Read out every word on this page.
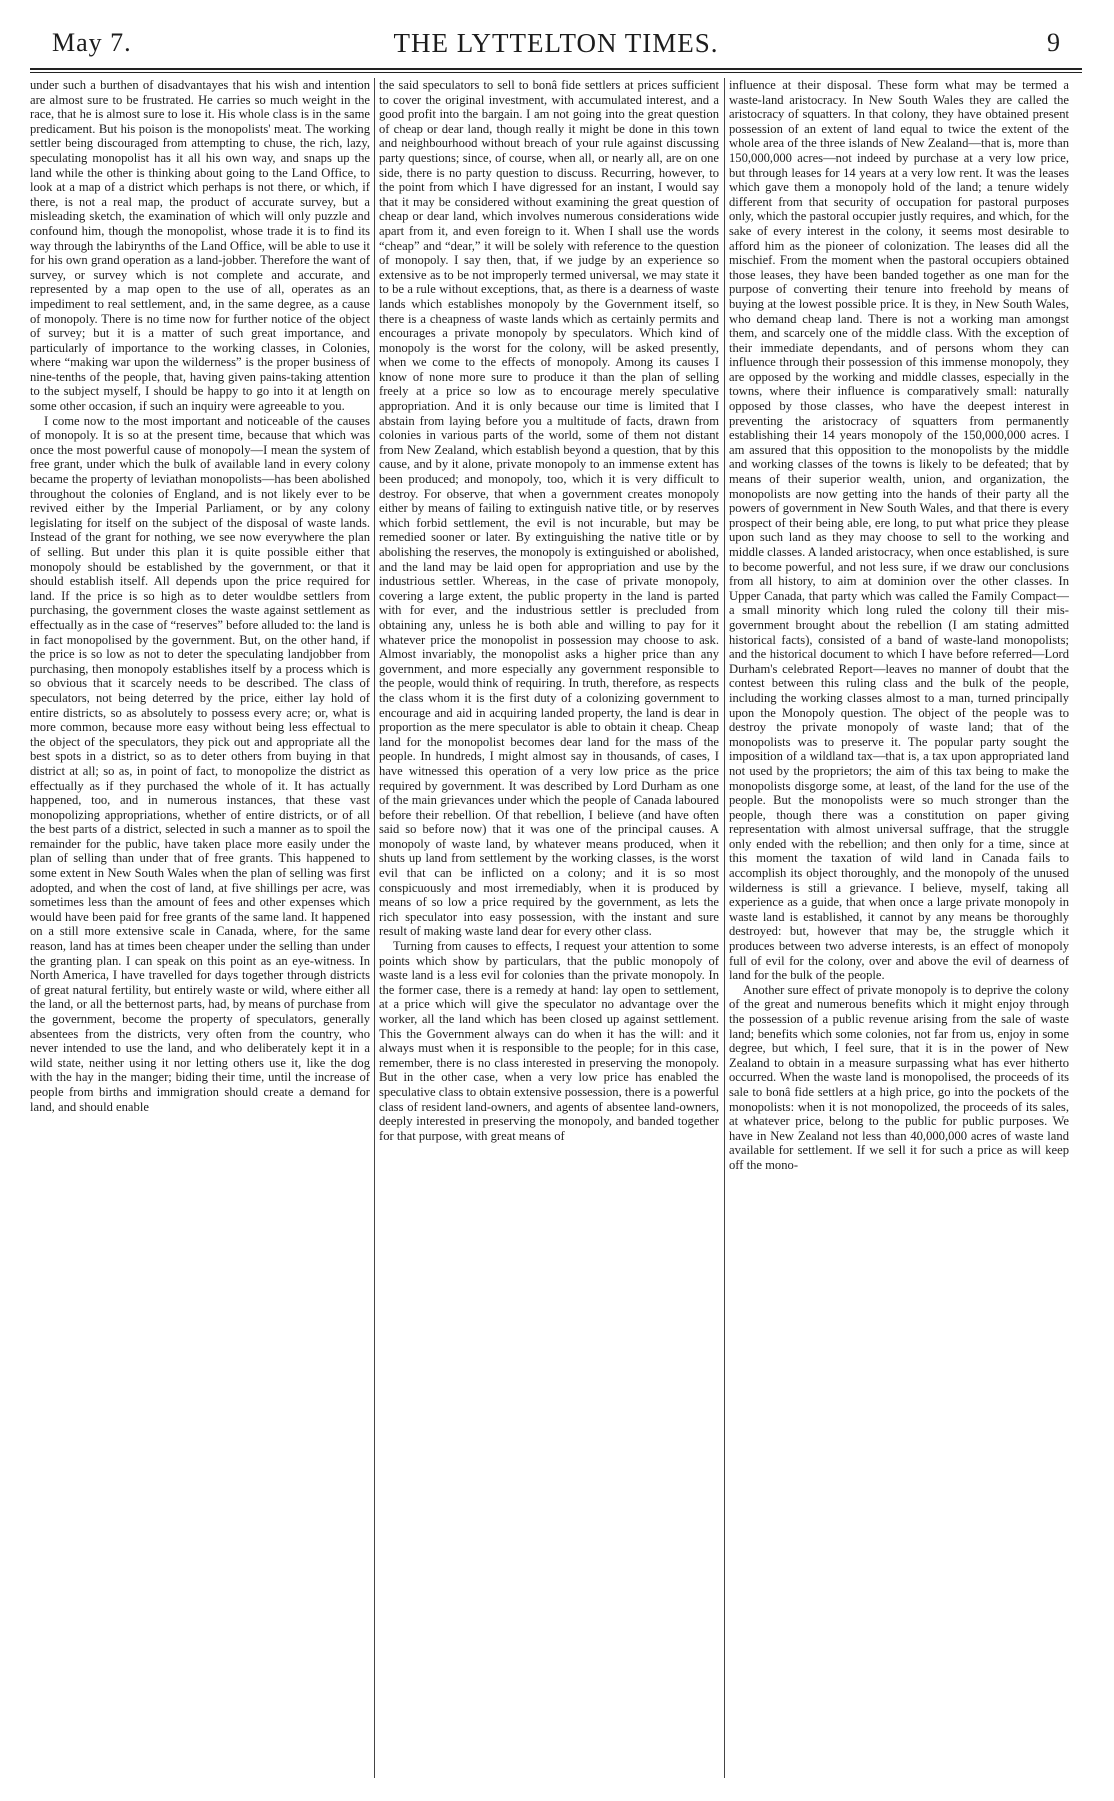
May 7.	THE LYTTELTON TIMES.	9

under such a burthen of disadvantayes that his wish and intention are almost sure to be frustrated. He carries so much weight in the race, that he is almost sure to lose it. His whole class is in the same predicament. But his poison is the monopolists' meat. The working settler being discouraged from attempting to chuse, the rich, lazy, speculating monopolist has it all his own way, and snaps up the land while the other is thinking about going to the Land Office, to look at a map of a district which perhaps is not there, or which, if there, is not a real map, the product of accurate survey, but a misleading sketch, the examination of which will only puzzle and confound him, though the monopolist, whose trade it is to find its way through the labirynths of the Land Office, will be able to use it for his own grand operation as a land-jobber. Therefore the want of survey, or survey which is not complete and accurate, and represented by a map open to the use of all, operates as an impediment to real settlement, and, in the same degree, as a cause of monopoly. There is no time now for further notice of the object of survey; but it is a matter of such great importance, and particularly of importance to the working classes, in Colonies, where “making war upon the wilderness” is the proper business of nine-tenths of the people, that, having given pains-taking attention to the subject myself, I should be happy to go into it at length on some other occasion, if such an inquiry were agreeable to you.

I come now to the most important and noticeable of the causes of monopoly. It is so at the present time, because that which was once the most powerful cause of monopoly—I mean the system of free grant, under which the bulk of available land in every colony became the property of leviathan monopolists—has been abolished throughout the colonies of England, and is not likely ever to be revived either by the Imperial Parliament, or by any colony legislating for itself on the subject of the disposal of waste lands. Instead of the grant for nothing, we see now everywhere the plan of selling. But under this plan it is quite possible either that monopoly should be established by the government, or that it should establish itself. All depends upon the price required for land. If the price is so high as to deter wouldbe settlers from purchasing, the government closes the waste against settlement as effectually as in the case of “reserves” before alluded to: the land is in fact monopolised by the government. But, on the other hand, if the price is so low as not to deter the speculating landjobber from purchasing, then monopoly establishes itself by a process which is so obvious that it scarcely needs to be described. The class of speculators, not being deterred by the price, either lay hold of entire districts, so as absolutely to possess every acre; or, what is more common, because more easy without being less effectual to the object of the speculators, they pick out and appropriate all the best spots in a district, so as to deter others from buying in that district at all; so as, in point of fact, to monopolize the district as effectually as if they purchased the whole of it. It has actually happened, too, and in numerous instances, that these vast monopolizing appropriations, whether of entire districts, or of all the best parts of a district, selected in such a manner as to spoil the remainder for the public, have taken place more easily under the plan of selling than under that of free grants. This happened to some extent in New South Wales when the plan of selling was first adopted, and when the cost of land, at five shillings per acre, was sometimes less than the amount of fees and other expenses which would have been paid for free grants of the same land. It happened on a still more extensive scale in Canada, where, for the same reason, land has at times been cheaper under the selling than under the granting plan. I can speak on this point as an eye-witness. In North America, I have travelled for days together through districts of great natural fertility, but entirely waste or wild, where either all the land, or all the betternost parts, had, by means of purchase from the government, become the property of speculators, generally absentees from the districts, very often from the country, who never intended to use the land, and who deliberately kept it in a wild state, neither using it nor letting others use it, like the dog with the hay in the manger; biding their time, until the increase of people from births and immigration should create a demand for land, and should enable

the said speculators to sell to bonâ fide settlers at prices sufficient to cover the original investment, with accumulated interest, and a good profit into the bargain. I am not going into the great question of cheap or dear land, though really it might be done in this town and neighbourhood without breach of your rule against discussing party questions; since, of course, when all, or nearly all, are on one side, there is no party question to discuss. Recurring, however, to the point from which I have digressed for an instant, I would say that it may be considered without examining the great question of cheap or dear land, which involves numerous considerations wide apart from it, and even foreign to it. When I shall use the words “cheap” and “dear,” it will be solely with reference to the question of monopoly. I say then, that, if we judge by an experience so extensive as to be not improperly termed universal, we may state it to be a rule without exceptions, that, as there is a dearness of waste lands which establishes monopoly by the Government itself, so there is a cheapness of waste lands which as certainly permits and encourages a private monopoly by speculators. Which kind of monopoly is the worst for the colony, will be asked presently, when we come to the effects of monopoly. Among its causes I know of none more sure to produce it than the plan of selling freely at a price so low as to encourage merely speculative appropriation. And it is only because our time is limited that I abstain from laying before you a multitude of facts, drawn from colonies in various parts of the world, some of them not distant from New Zealand, which establish beyond a question, that by this cause, and by it alone, private monopoly to an immense extent has been produced; and monopoly, too, which it is very difficult to destroy. For observe, that when a government creates monopoly either by means of failing to extinguish native title, or by reserves which forbid settlement, the evil is not incurable, but may be remedied sooner or later. By extinguishing the native title or by abolishing the reserves, the monopoly is extinguished or abolished, and the land may be laid open for appropriation and use by the industrious settler. Whereas, in the case of private monopoly, covering a large extent, the public property in the land is parted with for ever, and the industrious settler is precluded from obtaining any, unless he is both able and willing to pay for it whatever price the monopolist in possession may choose to ask. Almost invariably, the monopolist asks a higher price than any government, and more especially any government responsible to the people, would think of requiring. In truth, therefore, as respects the class whom it is the first duty of a colonizing government to encourage and aid in acquiring landed property, the land is dear in proportion as the mere speculator is able to obtain it cheap. Cheap land for the monopolist becomes dear land for the mass of the people. In hundreds, I might almost say in thousands, of cases, I have witnessed this operation of a very low price as the price required by government. It was described by Lord Durham as one of the main grievances under which the people of Canada laboured before their rebellion. Of that rebellion, I believe (and have often said so before now) that it was one of the principal causes. A monopoly of waste land, by whatever means produced, when it shuts up land from settlement by the working classes, is the worst evil that can be inflicted on a colony; and it is so most conspicuously and most irremediably, when it is produced by means of so low a price required by the government, as lets the rich speculator into easy possession, with the instant and sure result of making waste land dear for every other class.

Turning from causes to effects, I request your attention to some points which show by particulars, that the public monopoly of waste land is a less evil for colonies than the private monopoly. In the former case, there is a remedy at hand: lay open to settlement, at a price which will give the speculator no advantage over the worker, all the land which has been closed up against settlement. This the Government always can do when it has the will: and it always must when it is responsible to the people; for in this case, remember, there is no class interested in preserving the monopoly. But in the other case, when a very low price has enabled the speculative class to obtain extensive possession, there is a powerful class of resident land-owners, and agents of absentee land-owners, deeply interested in preserving the monopoly, and banded together for that purpose, with great means of

influence at their disposal. These form what may be termed a waste-land aristocracy. In New South Wales they are called the aristocracy of squatters. In that colony, they have obtained present possession of an extent of land equal to twice the extent of the whole area of the three islands of New Zealand—that is, more than 150,000,000 acres—not indeed by purchase at a very low price, but through leases for 14 years at a very low rent. It was the leases which gave them a monopoly hold of the land; a tenure widely different from that security of occupation for pastoral purposes only, which the pastoral occupier justly requires, and which, for the sake of every interest in the colony, it seems most desirable to afford him as the pioneer of colonization. The leases did all the mischief. From the moment when the pastoral occupiers obtained those leases, they have been banded together as one man for the purpose of converting their tenure into freehold by means of buying at the lowest possible price. It is they, in New South Wales, who demand cheap land. There is not a working man amongst them, and scarcely one of the middle class. With the exception of their immediate dependants, and of persons whom they can influence through their possession of this immense monopoly, they are opposed by the working and middle classes, especially in the towns, where their influence is comparatively small: naturally opposed by those classes, who have the deepest interest in preventing the aristocracy of squatters from permanently establishing their 14 years monopoly of the 150,000,000 acres. I am assured that this opposition to the monopolists by the middle and working classes of the towns is likely to be defeated; that by means of their superior wealth, union, and organization, the monopolists are now getting into the hands of their party all the powers of government in New South Wales, and that there is every prospect of their being able, ere long, to put what price they please upon such land as they may choose to sell to the working and middle classes. A landed aristocracy, when once established, is sure to become powerful, and not less sure, if we draw our conclusions from all history, to aim at dominion over the other classes. In Upper Canada, that party which was called the Family Compact—a small minority which long ruled the colony till their mis-government brought about the rebellion (I am stating admitted historical facts), consisted of a band of waste-land monopolists; and the historical document to which I have before referred—Lord Durham's celebrated Report—leaves no manner of doubt that the contest between this ruling class and the bulk of the people, including the working classes almost to a man, turned principally upon the Monopoly question. The object of the people was to destroy the private monopoly of waste land; that of the monopolists was to preserve it. The popular party sought the imposition of a wildland tax—that is, a tax upon appropriated land not used by the proprietors; the aim of this tax being to make the monopolists disgorge some, at least, of the land for the use of the people. But the monopolists were so much stronger than the people, though there was a constitution on paper giving representation with almost universal suffrage, that the struggle only ended with the rebellion; and then only for a time, since at this moment the taxation of wild land in Canada fails to accomplish its object thoroughly, and the monopoly of the unused wilderness is still a grievance. I believe, myself, taking all experience as a guide, that when once a large private monopoly in waste land is established, it cannot by any means be thoroughly destroyed: but, however that may be, the struggle which it produces between two adverse interests, is an effect of monopoly full of evil for the colony, over and above the evil of dearness of land for the bulk of the people.

Another sure effect of private monopoly is to deprive the colony of the great and numerous benefits which it might enjoy through the possession of a public revenue arising from the sale of waste land; benefits which some colonies, not far from us, enjoy in some degree, but which, I feel sure, that it is in the power of New Zealand to obtain in a measure surpassing what has ever hitherto occurred. When the waste land is monopolised, the proceeds of its sale to bonâ fide settlers at a high price, go into the pockets of the monopolists: when it is not monopolized, the proceeds of its sales, at whatever price, belong to the public for public purposes. We have in New Zealand not less than 40,000,000 acres of waste land available for settlement. If we sell it for such a price as will keep off the mono-
